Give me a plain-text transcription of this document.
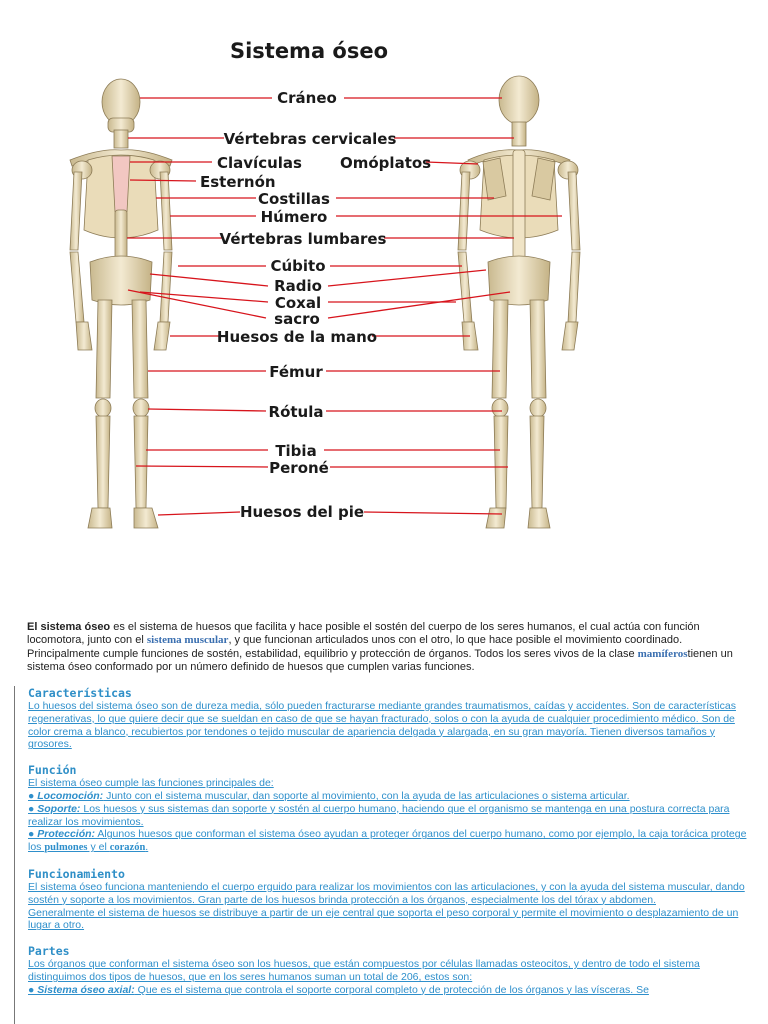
Sistema óseo
Cráneo
Vértebras cervicales
Clavículas	Omóplatos
Esternón
Costillas
Húmero
Vértebras lumbares
Cúbito
Radio
Coxal
sacro
Huesos de la mano
Fémur
Rótula
Tibia
Peroné
Huesos del pie
El sistema óseo es el sistema de huesos que facilita y hace posible el sostén del cuerpo de los seres humanos, el cual actúa con función locomotora, junto con el sistema muscular, y que funcionan articulados unos con el otro, lo que hace posible el movimiento coordinado. Principalmente cumple funciones de sostén, estabilidad, equilibrio y protección de órganos. Todos los seres vivos de la clase mamíferostienen un sistema óseo conformado por un número definido de huesos que cumplen varias funciones.
Características

Lo huesos del sistema óseo son de dureza media, sólo pueden fracturarse mediante grandes traumatismos, caídas y accidentes. Son de características regenerativas, lo que quiere decir que se sueldan en caso de que se hayan fracturado, solos o con la ayuda de cualquier procedimiento médico. Son de color crema a blanco, recubiertos por tendones o tejido muscular de apariencia delgada y alargada, en su gran mayoría. Tienen diversos tamaños y grosores.

Función

El sistema óseo cumple las funciones principales de:

● Locomoción: Junto con el sistema muscular, dan soporte al movimiento, con la ayuda de las articulaciones o sistema articular.

● Soporte: Los huesos y sus sistemas dan soporte y sostén al cuerpo humano, haciendo que el organismo se mantenga en una postura correcta para realizar los movimientos.

● Protección: Algunos huesos que conforman el sistema óseo ayudan a proteger órganos del cuerpo humano, como por ejemplo, la caja torácica protege los pulmones y el corazón.

Funcionamiento

El sistema óseo funciona manteniendo el cuerpo erguido para realizar los movimientos con las articulaciones, y con la ayuda del sistema muscular, dando sostén y soporte a los movimientos. Gran parte de los huesos brinda protección a los órganos, especialmente los del tórax y abdomen.

Generalmente el sistema de huesos se distribuye a partir de un eje central que soporta el peso corporal y permite el movimiento o desplazamiento de un lugar a otro.

Partes

Los órganos que conforman el sistema óseo son los huesos, que están compuestos por células llamadas osteocitos, y dentro de todo el sistema distinguimos dos tipos de huesos, que en los seres humanos suman un total de 206, estos son:

● Sistema óseo axial: Que es el sistema que controla el soporte corporal completo y de protección de los órganos y las vísceras. Se
